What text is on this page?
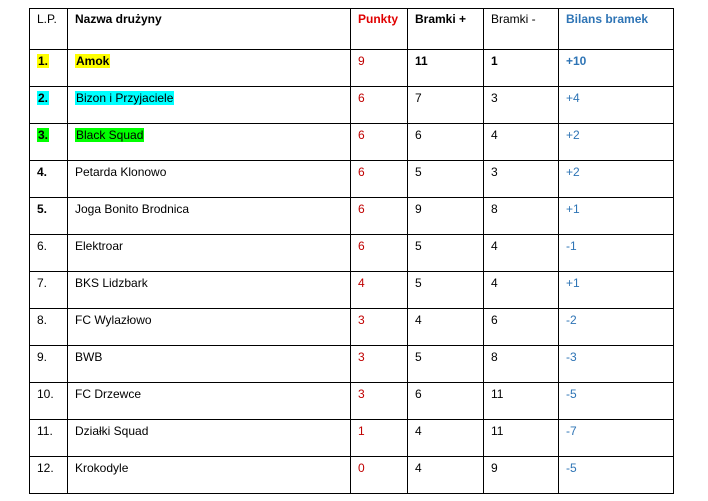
L.P.	Nazwa drużyny	Punkty	Bramki +	Bramki -	Bilans bramek
1.	Amok	9	11	1	+10
2.	Bizon i Przyjaciele	6	7	3	+4
3.	Black Squad	6	6	4	+2
4.	Petarda Klonowo	6	5	3	+2
5.	Joga Bonito Brodnica	6	9	8	+1
6.	Elektroar	6	5	4	-1
7.	BKS Lidzbark	4	5	4	+1
8.	FC Wylazłowo	3	4	6	-2
9.	BWB	3	5	8	-3
10.	FC Drzewce	3	6	11	-5
11.	Działki Squad	1	4	11	-7
12.	Krokodyle	0	4	9	-5
